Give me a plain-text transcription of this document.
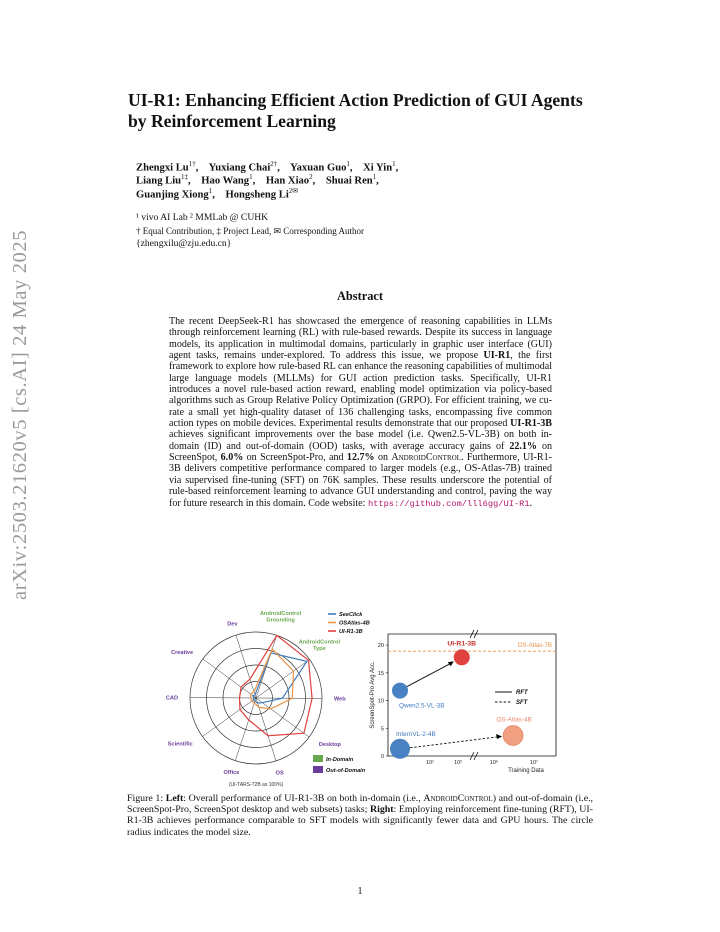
arXiv:2503.21620v5 [cs.AI] 24 May 2025
UI-R1: Enhancing Efficient Action Prediction of GUI Agents by Reinforcement Learning
Zhengxi $Lu^{1\dagger}$,    Yuxiang Chai$^{2\dagger}$,    Yaxuan Guo$^1$,    Xi Yin$^1$,
Liang Liu$^{1\ddagger}$,    Hao Wang$^1$,    Han Xiao$^2$,    Shuai Ren$^1$,
Guanjing Xiong$^1$,    Hongsheng $Li^{2✉}$
¹ vivo AI Lab ² MMLab @ CUHK
† Equal Contribution, ‡ Project Lead, ✉ Corresponding Author
{zhengxilu@zju.edu.cn}
Abstract
The recent DeepSeek-R1 has showcased the emergence of reasoning capabilities in LLMs through reinforcement learning (RL) with rule-based rewards. Despite its success in language models, its application in multimodal domains, particularly in graphic user interface (GUI) agent tasks, remains under-explored. To address this issue, we propose UI-R1, the first framework to explore how rule-based RL can enhance the reasoning capabilities of multimodal large language models (MLLMs) for GUI action prediction tasks. Specifically, UI-R1 introduces a novel rule-based action reward, enabling model optimization via policy-based algorithms such as Group Relative Policy Optimization (GRPO). For efficient training, we curate a small yet high-quality dataset of 136 challenging tasks, encompassing five common action types on mobile devices. Experimental results demonstrate that our proposed UI-R1-3B achieves significant improvements over the base model (i.e. Qwen2.5-VL-3B) on both in-domain (ID) and out-of-domain (OOD) tasks, with average accuracy gains of 22.1% on ScreenSpot, 6.0% on ScreenSpot-Pro, and 12.7% on AndroidControl. Furthermore, UI-R1-3B delivers competitive performance compared to larger models (e.g., OS-Atlas-7B) trained via supervised fine-tuning (SFT) on 76K samples. These results underscore the potential of rule-based reinforcement learning to advance GUI understanding and control, paving the way for future research in this domain. Code website: https://github.com/lll6gg/UI-R1.
AndroidControl Grounding
AndroidControl Type
Web
Desktop
OS
Office
Scientific
CAD
Creative
Dev
(UI-TARS-72B as 100%)
SeeClick
OSAtlas-4B
UI-R1-3B
In-Domain
Out-of-Domain
0
5
10
15
20
10¹	10²	10⁶	10⁷
Training Data
ScreenSpot-Pro Avg Acc.
OS-Atlas-7B
RFT
SFT
Qwen2.5-VL-3B
UI-R1-3B
InternVL-2-4B
OS-Atlas-4B
Figure 1: Left: Overall performance of UI-R1-3B on both in-domain (i.e., AndroidControl) and out-of-domain (i.e., ScreenSpot-Pro, ScreenSpot desktop and web subsets) tasks; Right: Employing reinforcement fine-tuning (RFT), UI-R1-3B achieves performance comparable to SFT models with significantly fewer data and GPU hours. The circle radius indicates the model size.
1
